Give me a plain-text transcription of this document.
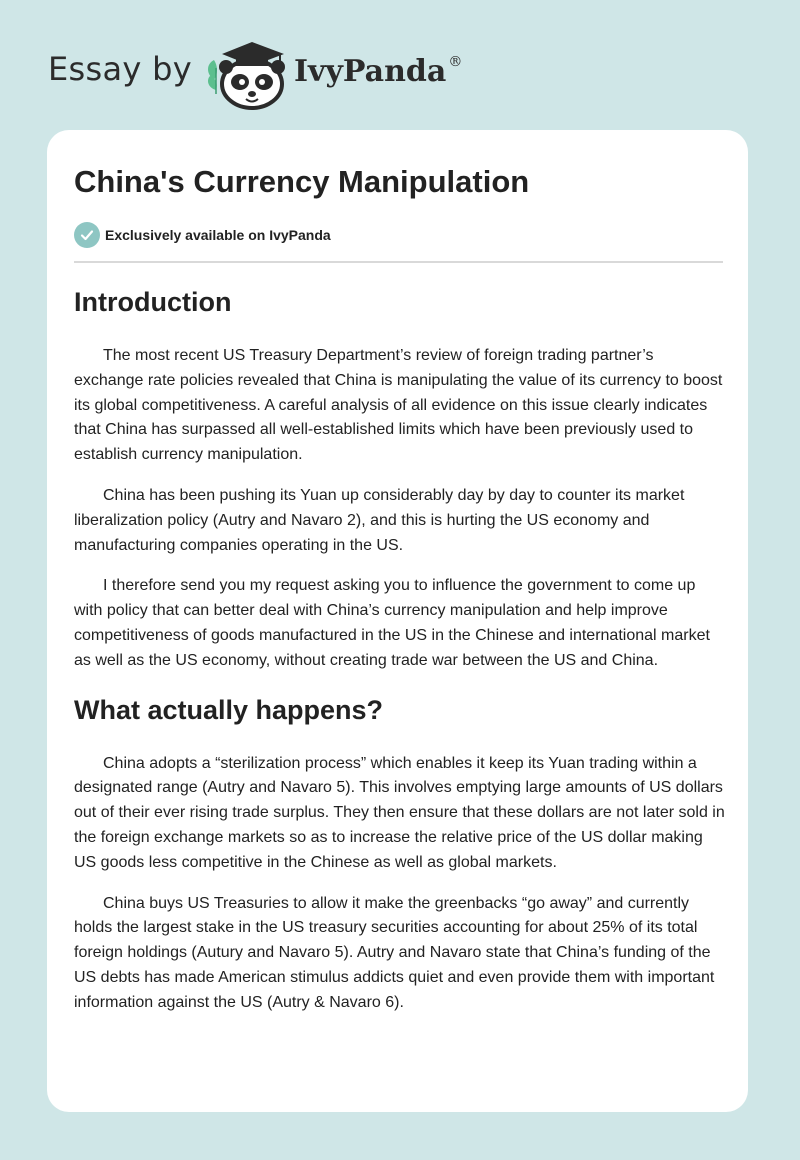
Essay by	IvyPanda ®
China's Currency Manipulation
Exclusively available on IvyPanda
Introduction

The most recent US Treasury Department’s review of foreign trading partner’s exchange rate policies revealed that China is manipulating the value of its currency to boost its global competitiveness. A careful analysis of all evidence on this issue clearly indicates that China has surpassed all well-established limits which have been previously used to establish currency manipulation.

China has been pushing its Yuan up considerably day by day to counter its market liberalization policy (Autry and Navaro 2), and this is hurting the US economy and manufacturing companies operating in the US.

I therefore send you my request asking you to influence the government to come up with policy that can better deal with China’s currency manipulation and help improve competitiveness of goods manufactured in the US in the Chinese and international market as well as the US economy, without creating trade war between the US and China.

What actually happens?

China adopts a “sterilization process” which enables it keep its Yuan trading within a designated range (Autry and Navaro 5). This involves emptying large amounts of US dollars out of their ever rising trade surplus. They then ensure that these dollars are not later sold in the foreign exchange markets so as to increase the relative price of the US dollar making US goods less competitive in the Chinese as well as global markets.

China buys US Treasuries to allow it make the greenbacks “go away” and currently holds the largest stake in the US treasury securities accounting for about 25% of its total foreign holdings (Autury and Navaro 5). Autry and Navaro state that China’s funding of the US debts has made American stimulus addicts quiet and even provide them with important information against the US (Autry & Navaro 6).
